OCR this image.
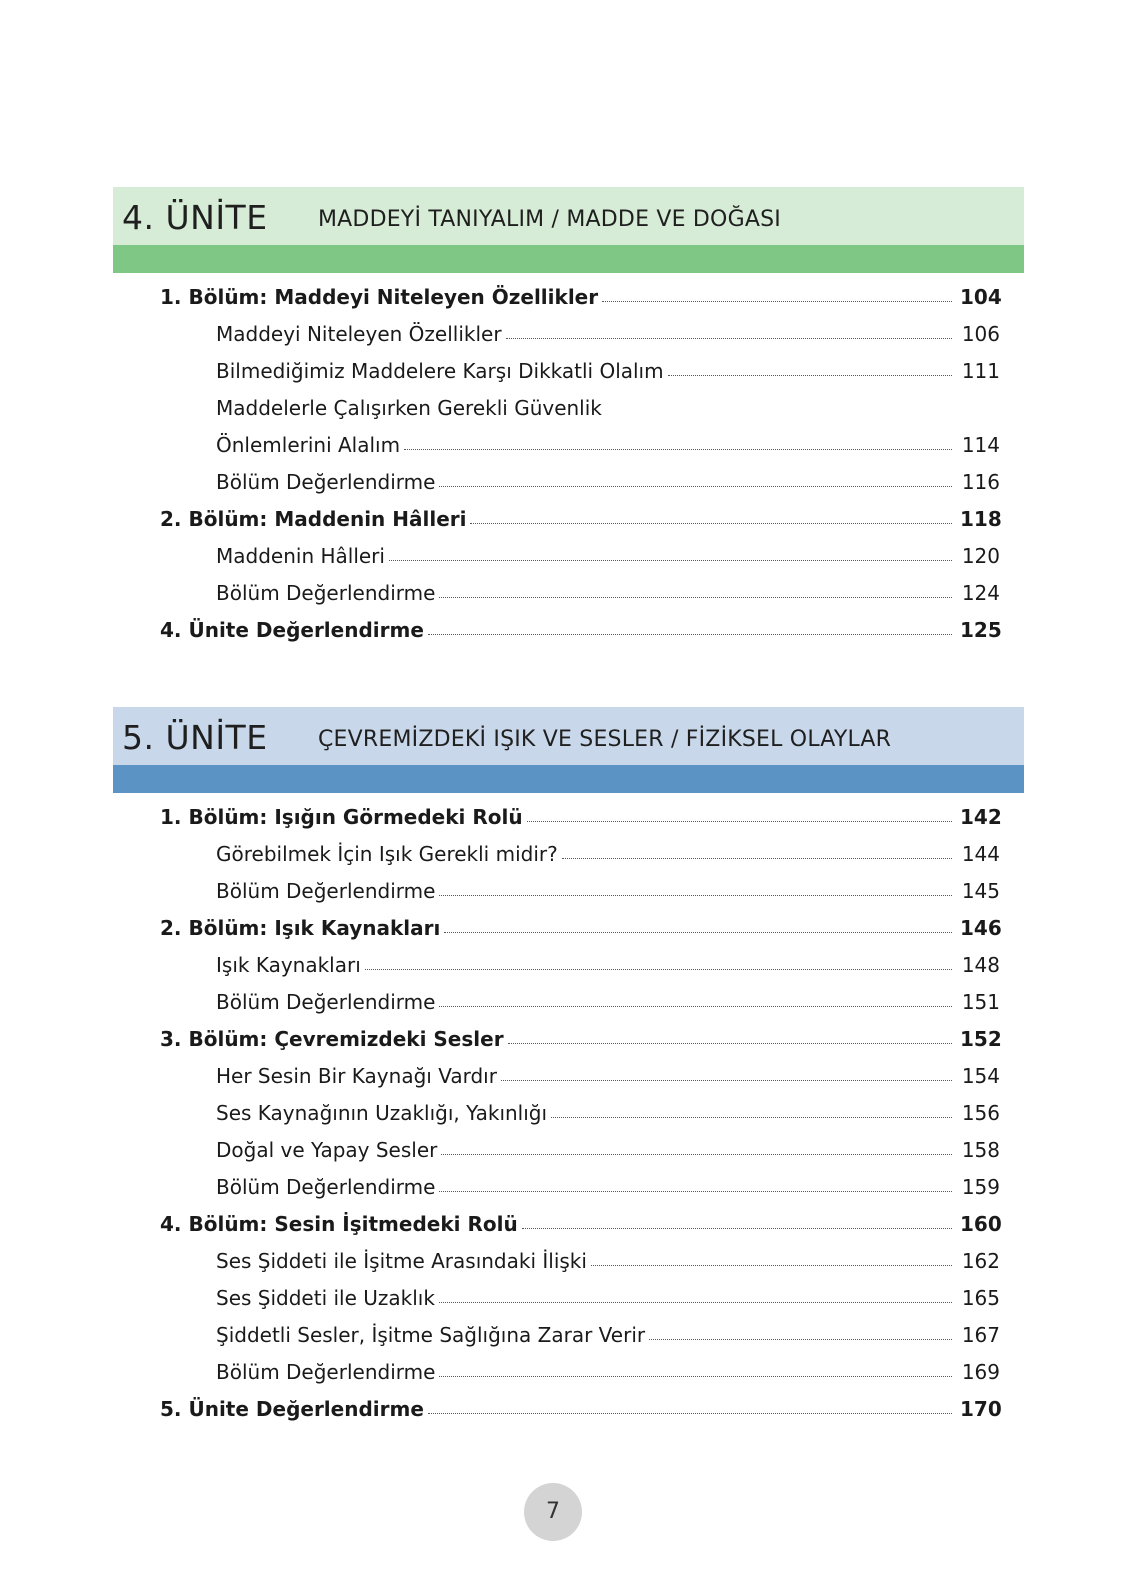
4. ÜNİTE MADDEYİ TANIYALIM / MADDE VE DOĞASI
1. Bölüm: Maddeyi Niteleyen Özellikler	104
Maddeyi Niteleyen Özellikler	106
Bilmediğimiz Maddelere Karşı Dikkatli Olalım	111
Maddelerle Çalışırken Gerekli Güvenlik
Önlemlerini Alalım	114
Bölüm Değerlendirme	116
2. Bölüm: Maddenin Hâlleri	118
Maddenin Hâlleri	120
Bölüm Değerlendirme	124
4. Ünite Değerlendirme	125
5. ÜNİTE ÇEVREMİZDEKİ IŞIK VE SESLER / FİZİKSEL OLAYLAR
1. Bölüm: Işığın Görmedeki Rolü	142
Görebilmek İçin Işık Gerekli midir?	144
Bölüm Değerlendirme	145
2. Bölüm: Işık Kaynakları	146
Işık Kaynakları	148
Bölüm Değerlendirme	151
3. Bölüm: Çevremizdeki Sesler	152
Her Sesin Bir Kaynağı Vardır	154
Ses Kaynağının Uzaklığı, Yakınlığı	156
Doğal ve Yapay Sesler	158
Bölüm Değerlendirme	159
4. Bölüm: Sesin İşitmedeki Rolü	160
Ses Şiddeti ile İşitme Arasındaki İlişki	162
Ses Şiddeti ile Uzaklık	165
Şiddetli Sesler, İşitme Sağlığına Zarar Verir	167
Bölüm Değerlendirme	169
5. Ünite Değerlendirme	170
7
